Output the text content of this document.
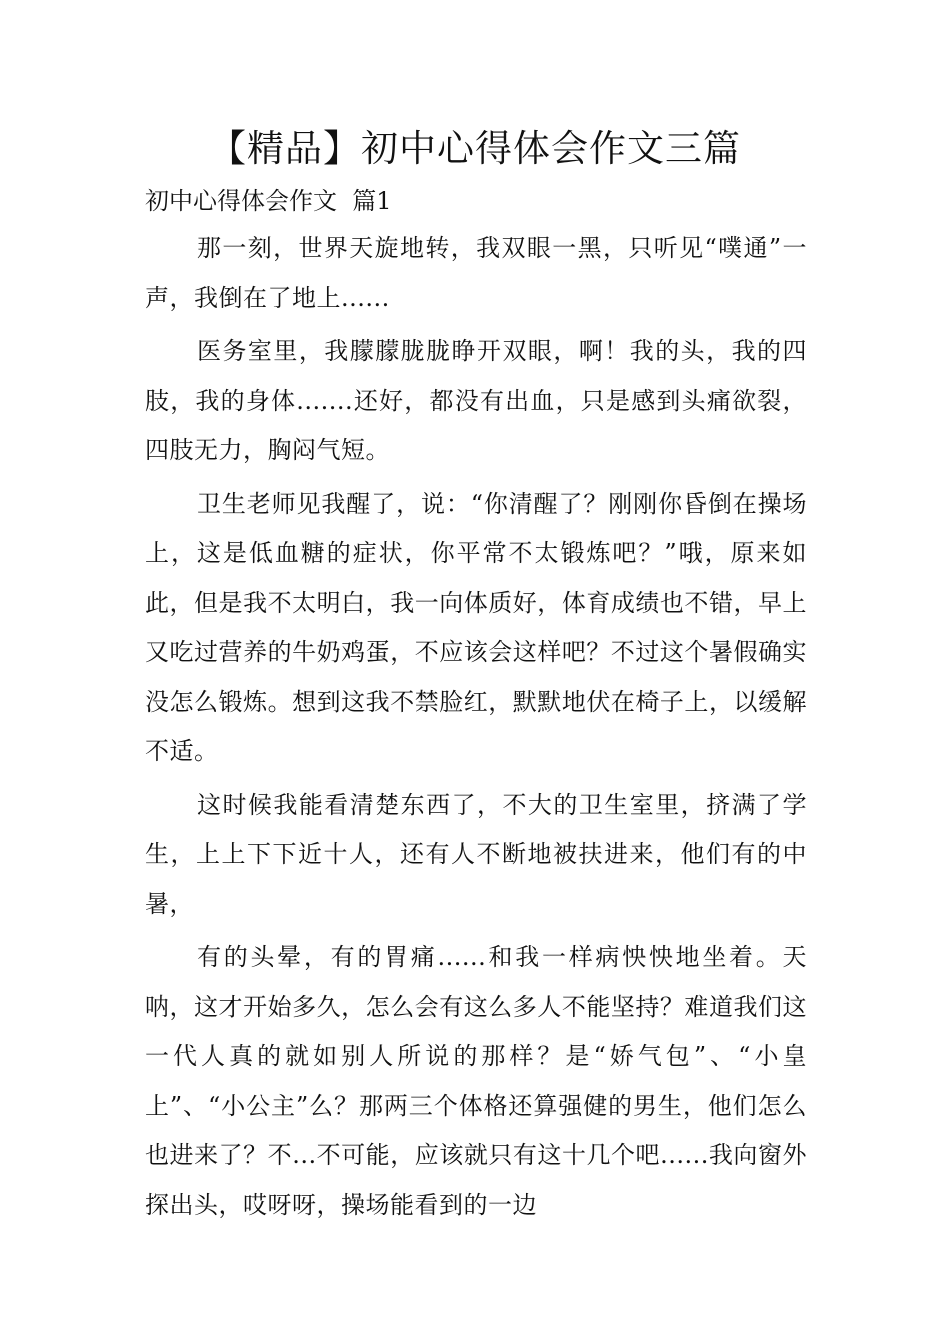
【精品】初中心得体会作文三篇

初中心得体会作文  篇1

那一刻，世界天旋地转，我双眼一黑，只听见“噗通”一声，我倒在了地上......

医务室里，我朦朦胧胧睁开双眼，啊！我的头，我的四肢，我的身体.......还好，都没有出血，只是感到头痛欲裂，四肢无力，胸闷气短。

卫生老师见我醒了，说：“你清醒了？刚刚你昏倒在操场上，这是低血糖的症状，你平常不太锻炼吧？”哦，原来如此，但是我不太明白，我一向体质好，体育成绩也不错，早上又吃过营养的牛奶鸡蛋，不应该会这样吧？不过这个暑假确实没怎么锻炼。想到这我不禁脸红，默默地伏在椅子上，以缓解不适。

这时候我能看清楚东西了，不大的卫生室里，挤满了学生，上上下下近十人，还有人不断地被扶进来，他们有的中暑，

有的头晕，有的胃痛......和我一样病怏怏地坐着。天呐，这才开始多久，怎么会有这么多人不能坚持？难道我们这一代人真的就如别人所说的那样？是“娇气包”、“小皇上”、“小公主”么？那两三个体格还算强健的男生，他们怎么也进来了？不...不可能，应该就只有这十几个吧......我向窗外探出头，哎呀呀，操场能看到的一边
